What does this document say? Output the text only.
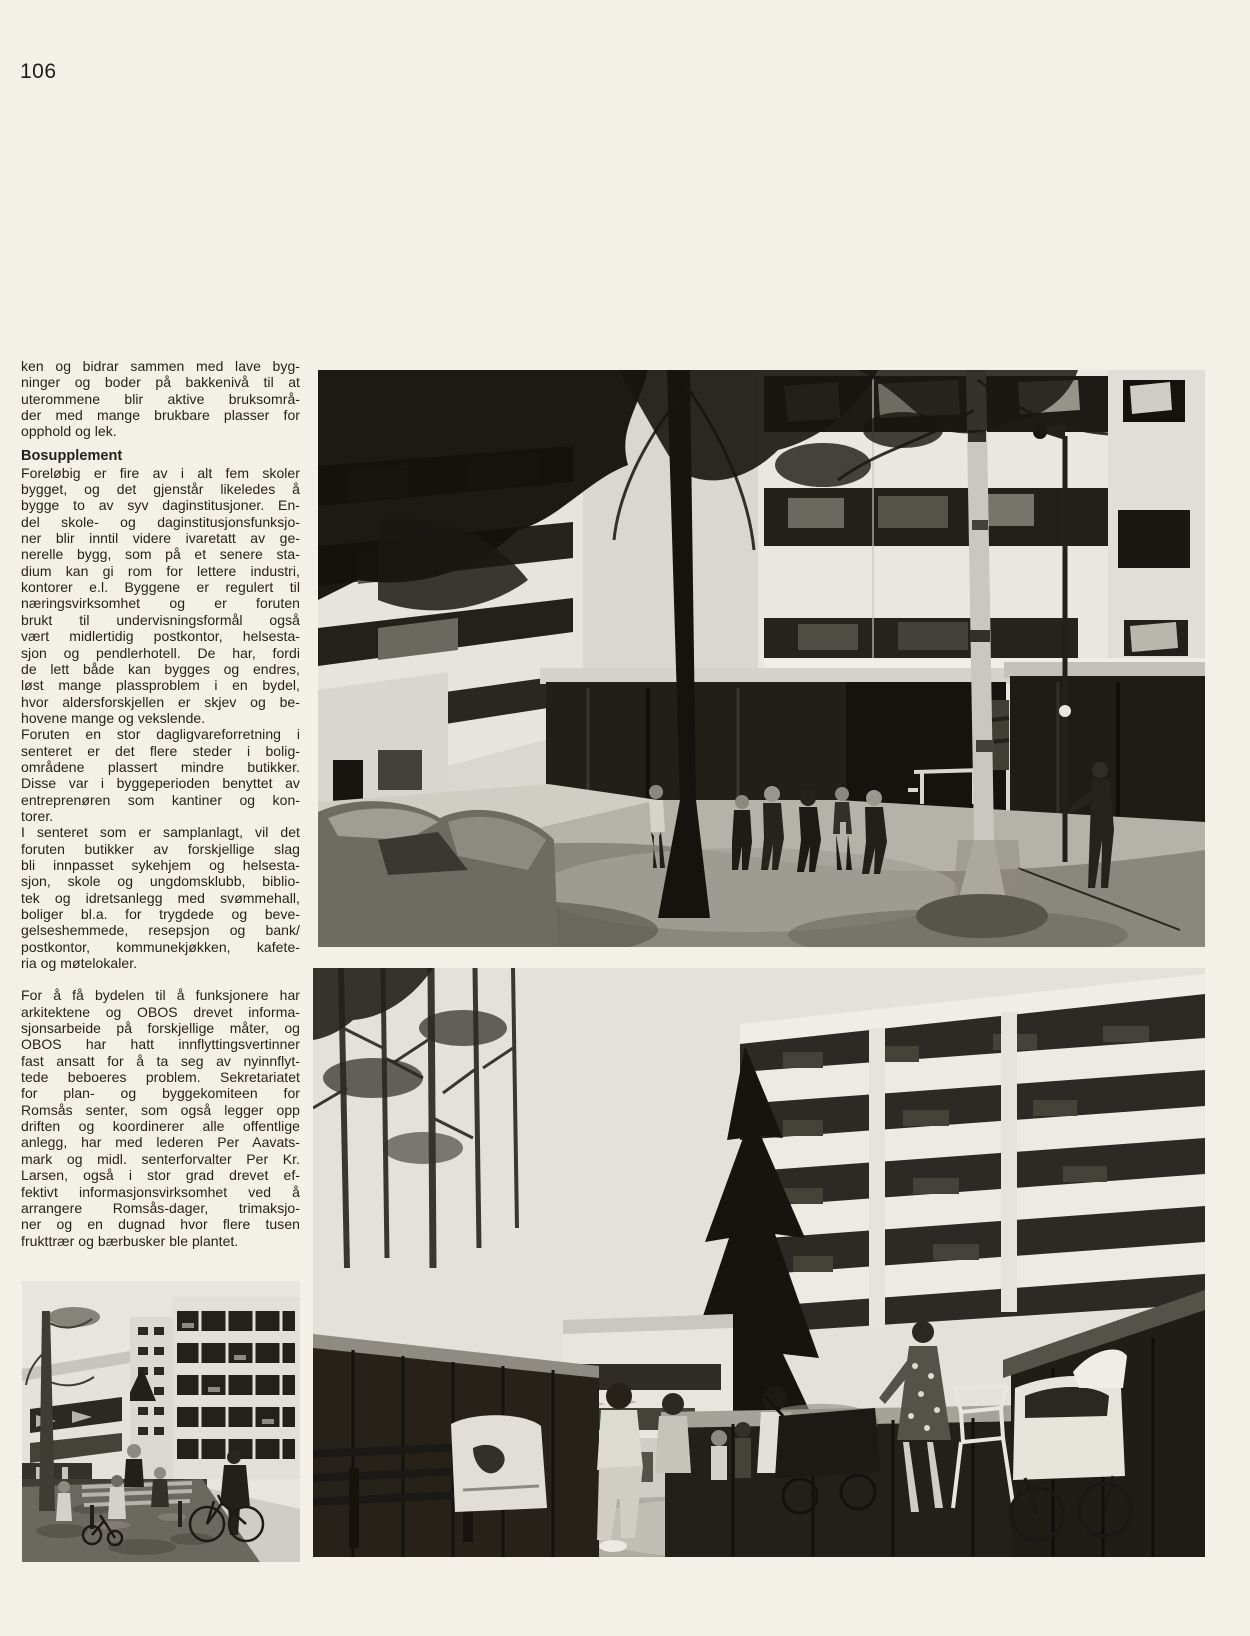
106
ken og bidrar sammen med lave byg-
ninger og boder på bakkenivå til at
uterommene blir aktive bruksområ-
der med mange brukbare plasser for
opphold og lek.
Bosupplement
Foreløbig er fire av i alt fem skoler
bygget, og det gjenstår likeledes å
bygge to av syv daginstitusjoner. En-
del skole- og daginstitusjonsfunksjo-
ner blir inntil videre ivaretatt av ge-
nerelle bygg, som på et senere sta-
dium kan gi rom for lettere industri,
kontorer e.l. Byggene er regulert til
næringsvirksomhet og er foruten
brukt til undervisningsformål også
vært midlertidig postkontor, helsesta-
sjon og pendlerhotell. De har, fordi
de lett både kan bygges og endres,
løst mange plassproblem i en bydel,
hvor aldersforskjellen er skjev og be-
hovene mange og vekslende.
Foruten en stor dagligvareforretning i
senteret er det flere steder i bolig-
områdene plassert mindre butikker.
Disse var i byggeperioden benyttet av
entreprenøren som kantiner og kon-
torer.
I senteret som er samplanlagt, vil det
foruten butikker av forskjellige slag
bli innpasset sykehjem og helsesta-
sjon, skole og ungdomsklubb, biblio-
tek og idretsanlegg med svømmehall,
boliger bl.a. for trygdede og beve-
gelseshemmede, resepsjon og bank/
postkontor, kommunekjøkken, kafete-
ria og møtelokaler.
For å få bydelen til å funksjonere har
arkitektene og OBOS drevet informa-
sjonsarbeide på forskjellige måter, og
OBOS har hatt innflyttingsvertinner
fast ansatt for å ta seg av nyinnflyt-
tede beboeres problem. Sekretariatet
for plan- og byggekomiteen for
Romsås senter, som også legger opp
driften og koordinerer alle offentlige
anlegg, har med lederen Per Aavats-
mark og midl. senterforvalter Per Kr.
Larsen, også i stor grad drevet ef-
fektivt informasjonsvirksomhet ved å
arrangere Romsås-dager, trimaksjo-
ner og en dugnad hvor flere tusen
frukttrær og bærbusker ble plantet.
